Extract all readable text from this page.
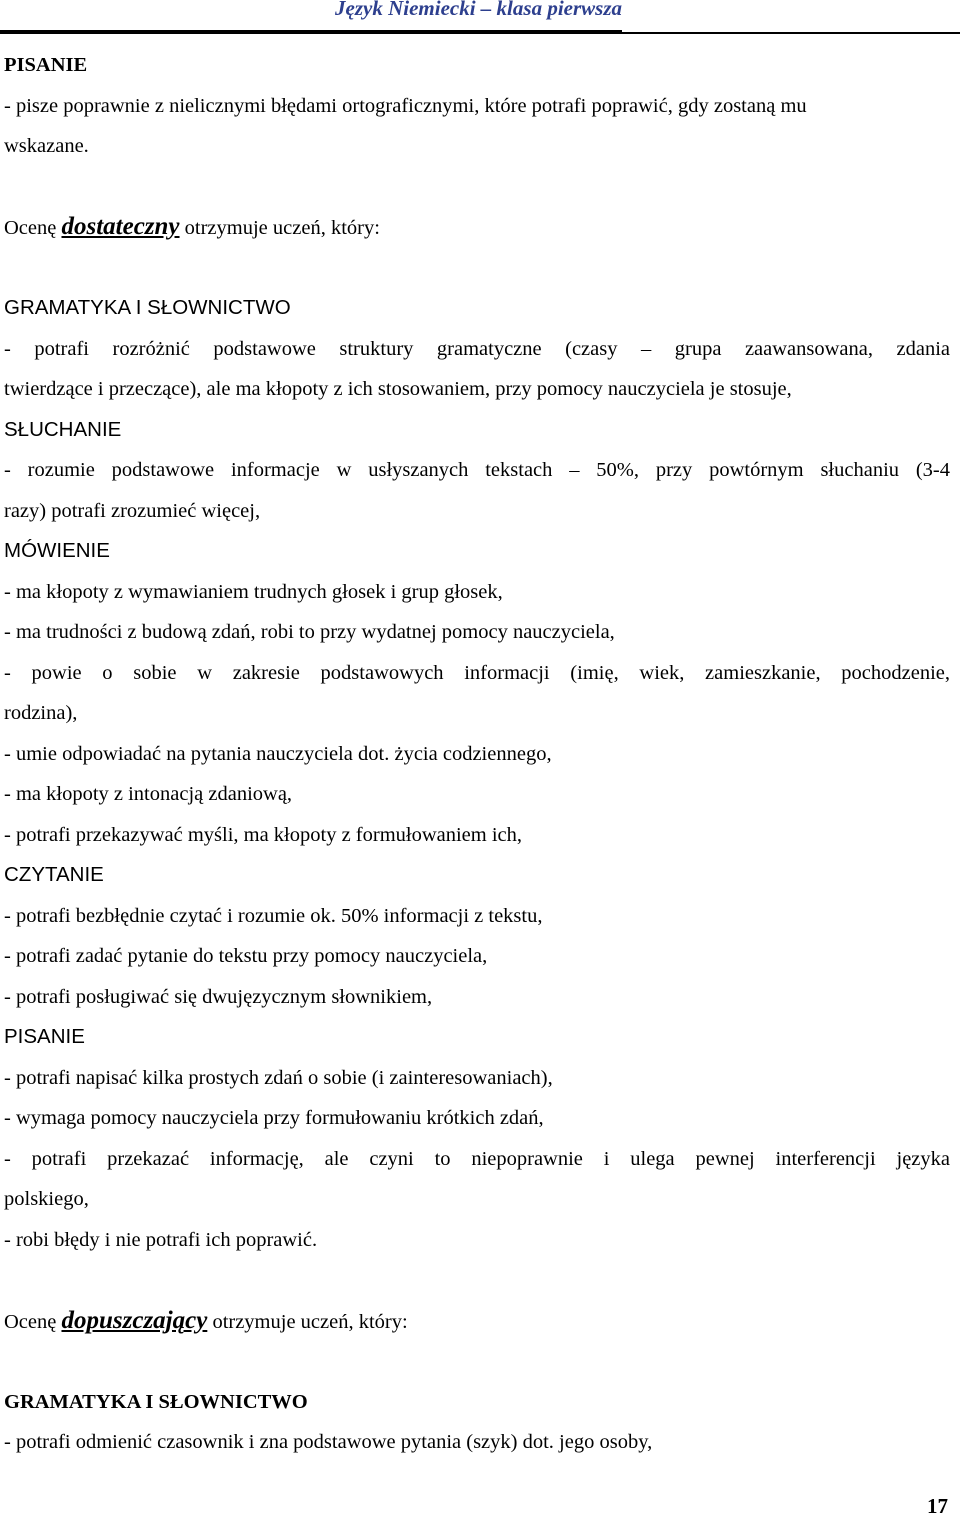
Język Niemiecki – klasa pierwsza
PISANIE
- pisze poprawnie z nielicznymi błędami ortograficznymi, które potrafi poprawić, gdy zostaną mu
wskazane.
Ocenę dostateczny otrzymuje uczeń, który:
GRAMATYKA I SŁOWNICTWO
- potrafi rozróżnić podstawowe struktury gramatyczne (czasy – grupa zaawansowana, zdania
twierdzące i przeczące), ale ma kłopoty z ich stosowaniem, przy pomocy nauczyciela je stosuje,
SŁUCHANIE
- rozumie podstawowe informacje w usłyszanych tekstach – 50%, przy powtórnym słuchaniu (3-4
razy) potrafi zrozumieć więcej,
MÓWIENIE
- ma kłopoty z wymawianiem trudnych głosek i grup głosek,
- ma trudności z budową zdań, robi to przy wydatnej pomocy nauczyciela,
- powie o sobie w zakresie podstawowych informacji (imię, wiek, zamieszkanie, pochodzenie,
rodzina),
- umie odpowiadać na pytania nauczyciela dot. życia codziennego,
- ma kłopoty z intonacją zdaniową,
- potrafi przekazywać myśli, ma kłopoty z formułowaniem ich,
CZYTANIE
- potrafi bezbłędnie czytać i rozumie ok. 50% informacji z tekstu,
- potrafi zadać pytanie do tekstu przy pomocy nauczyciela,
- potrafi posługiwać się dwujęzycznym słownikiem,
PISANIE
- potrafi napisać kilka prostych zdań o sobie (i zainteresowaniach),
- wymaga pomocy nauczyciela przy formułowaniu krótkich zdań,
- potrafi przekazać informację, ale czyni to niepoprawnie i ulega pewnej interferencji języka
polskiego,
- robi błędy i nie potrafi ich poprawić.
Ocenę dopuszczający otrzymuje uczeń, który:
GRAMATYKA I SŁOWNICTWO
- potrafi odmienić czasownik i zna podstawowe pytania (szyk) dot. jego osoby,
17
